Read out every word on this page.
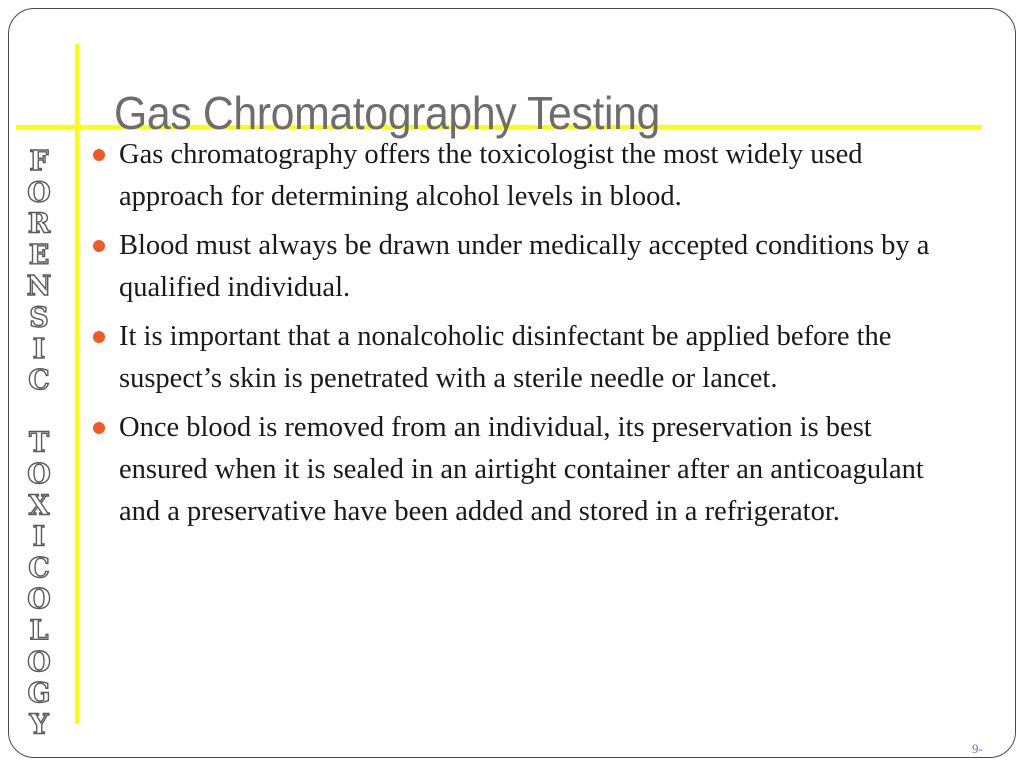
F
O
R
E
N
S
I
C
T
O
X
I
C
O
L
O
G
Y
Gas Chromatography Testing
Gas chromatography offers the toxicologist the most widely used approach for determining alcohol levels in blood.
Blood must always be drawn under medically accepted conditions by a qualified individual.
It is important that a nonalcoholic disinfectant be applied before the suspect’s skin is penetrated with a sterile needle or lancet.
Once blood is removed from an individual, its preservation is best ensured when it is sealed in an airtight container after an anticoagulant and a preservative have been added and stored in a refrigerator.
9-
